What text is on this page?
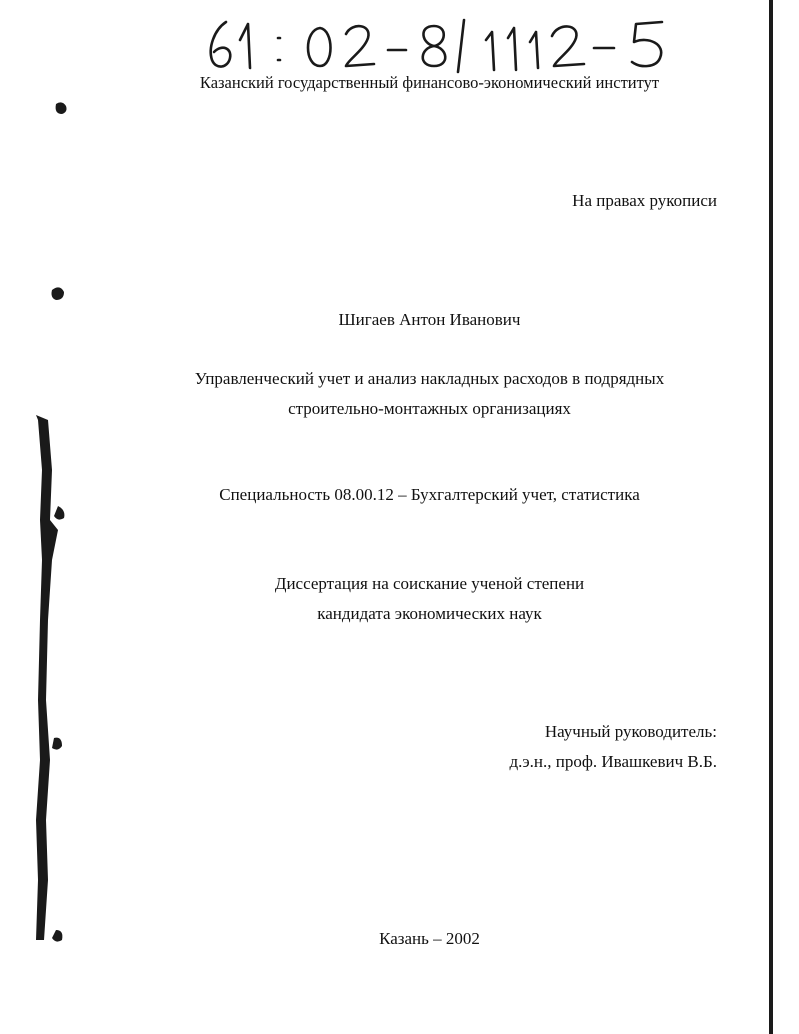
Казанский государственный финансово-экономический институт
На правах рукописи
Шигаев Антон Иванович
Управленческий учет и анализ накладных расходов в подрядных
строительно-монтажных организациях
Специальность 08.00.12 – Бухгалтерский учет, статистика
Диссертация на соискание ученой степени
кандидата экономических наук
Научный руководитель:
д.э.н., проф. Ивашкевич В.Б.
Казань – 2002
